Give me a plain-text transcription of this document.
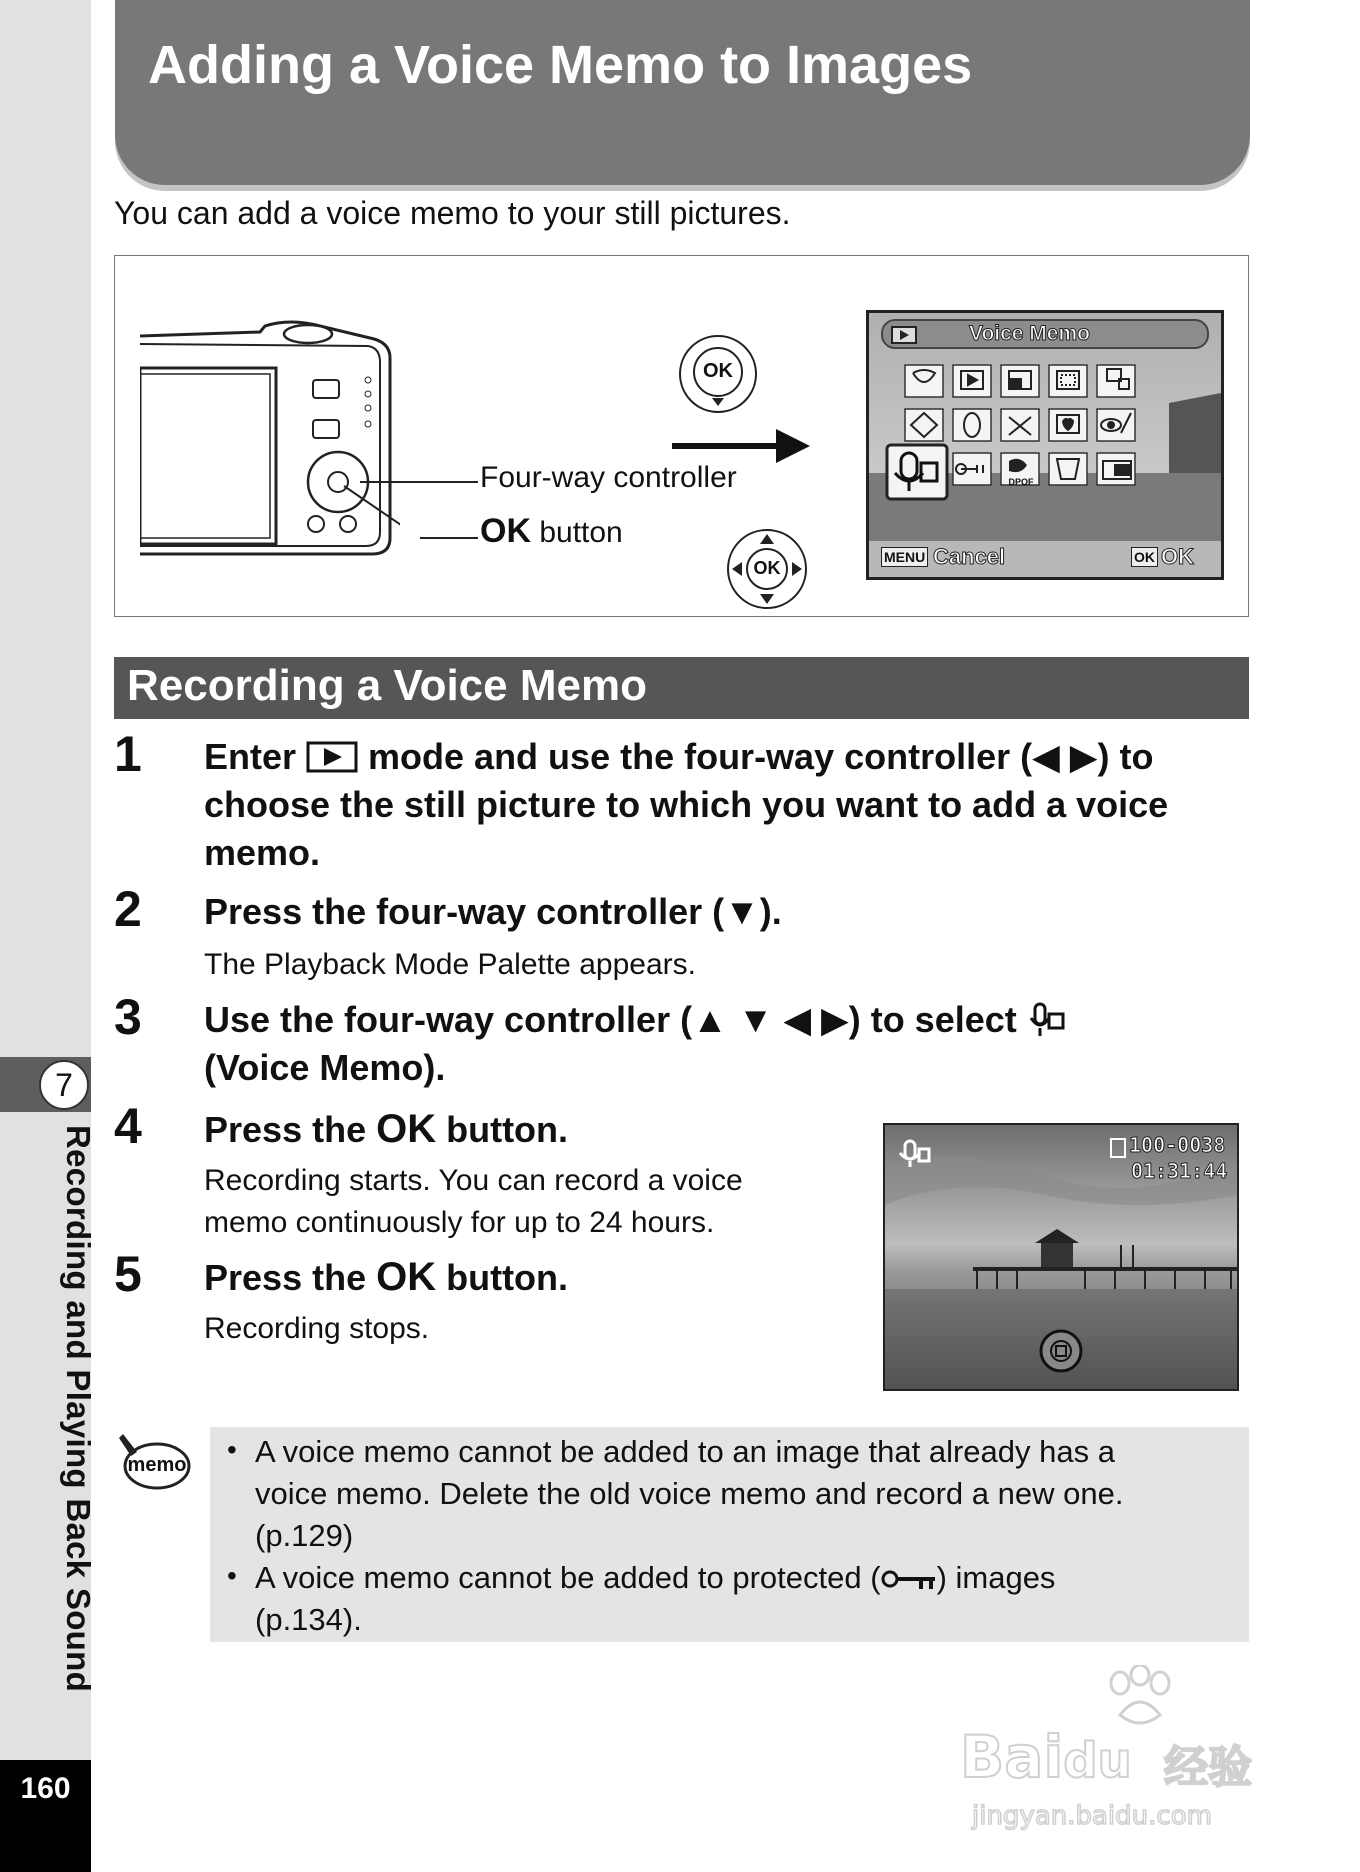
7
Recording and Playing Back Sound
160
Adding a Voice Memo to Images
You can add a voice memo to your still pictures.
Four-way controller
OK button
OK
OK
Voice Memo
DPOF
MENU Cancel	OK OK
Recording a Voice Memo
1 Enter  mode and use the four-way controller (◀ ▶) to
choose the still picture to which you want to add a voice
memo.
2 Press the four-way controller (▼).
The Playback Mode Palette appears.
3 Use the four-way controller (▲ ▼ ◀ ▶) to select
(Voice Memo).
4 Press the OK button.
Recording starts. You can record a voice
memo continuously for up to 24 hours.
5 Press the OK button.
Recording stops.
100-0038
01:31:44
memo • A voice memo cannot be added to an image that already has a
voice memo. Delete the old voice memo and record a new one.
(p.129)
• A voice memo cannot be added to protected ( ) images
(p.134).
Baidu 经验
jingyan.baidu.com
